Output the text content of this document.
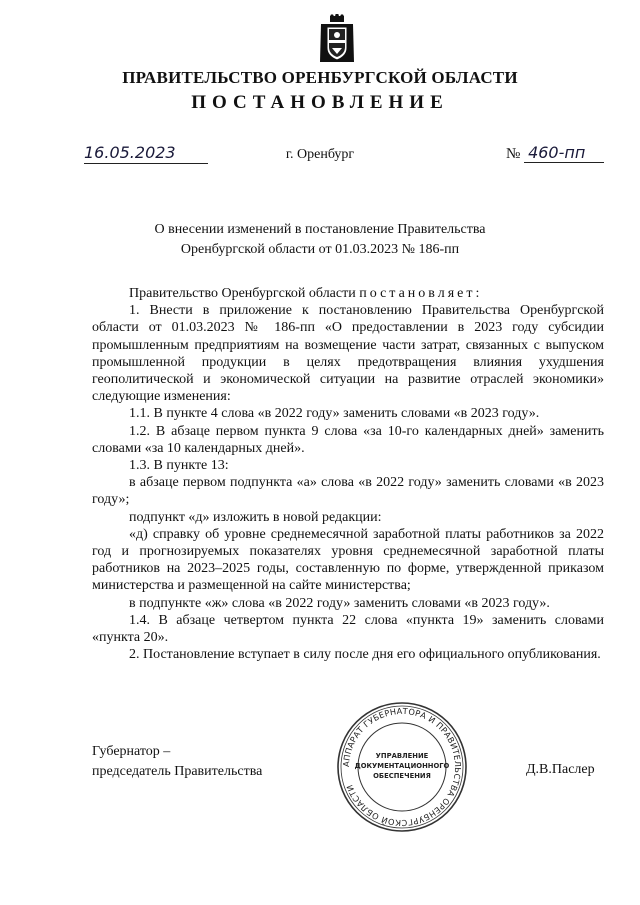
ПРАВИТЕЛЬСТВО ОРЕНБУРГСКОЙ ОБЛАСТИ
ПОСТАНОВЛЕНИЕ
16.05.2023	г. Оренбург	№ 460-пп
О внесении изменений в постановление Правительства
Оренбургской области от 01.03.2023 № 186-пп

Правительство Оренбургской области постановляет:

1. Внести в приложение к постановлению Правительства Оренбургской области от 01.03.2023 № 186-пп «О предоставлении в 2023 году субсидии промышленным предприятиям на возмещение части затрат, связанных с выпуском промышленной продукции в целях предотвращения влияния ухудшения геополитической и экономической ситуации на развитие отраслей экономики» следующие изменения:

1.1. В пункте 4 слова «в 2022 году» заменить словами «в 2023 году».

1.2. В абзаце первом пункта 9 слова «за 10-го календарных дней» заменить словами «за 10 календарных дней».

1.3. В пункте 13:

в абзаце первом подпункта «а» слова «в 2022 году» заменить словами «в 2023 году»;

подпункт «д» изложить в новой редакции:

«д) справку об уровне среднемесячной заработной платы работников за 2022 год и прогнозируемых показателях уровня среднемесячной заработной платы работников на 2023–2025 годы, составленную по форме, утвержденной приказом министерства и размещенной на сайте министерства;

в подпункте «ж» слова «в 2022 году» заменить словами «в 2023 году».

1.4. В абзаце четвертом пункта 22 слова «пункта 19» заменить словами «пункта 20».

2. Постановление вступает в силу после дня его официального опубликования.

Губернатор –
председатель Правительства	Д.В.Паслер
АППАРАТ ГУБЕРНАТОРА И ПРАВИТЕЛЬСТВА ОРЕНБУРГСКОЙ ОБЛАСТИ
УПРАВЛЕНИЕ
ДОКУМЕНТАЦИОННОГО
ОБЕСПЕЧЕНИЯ
